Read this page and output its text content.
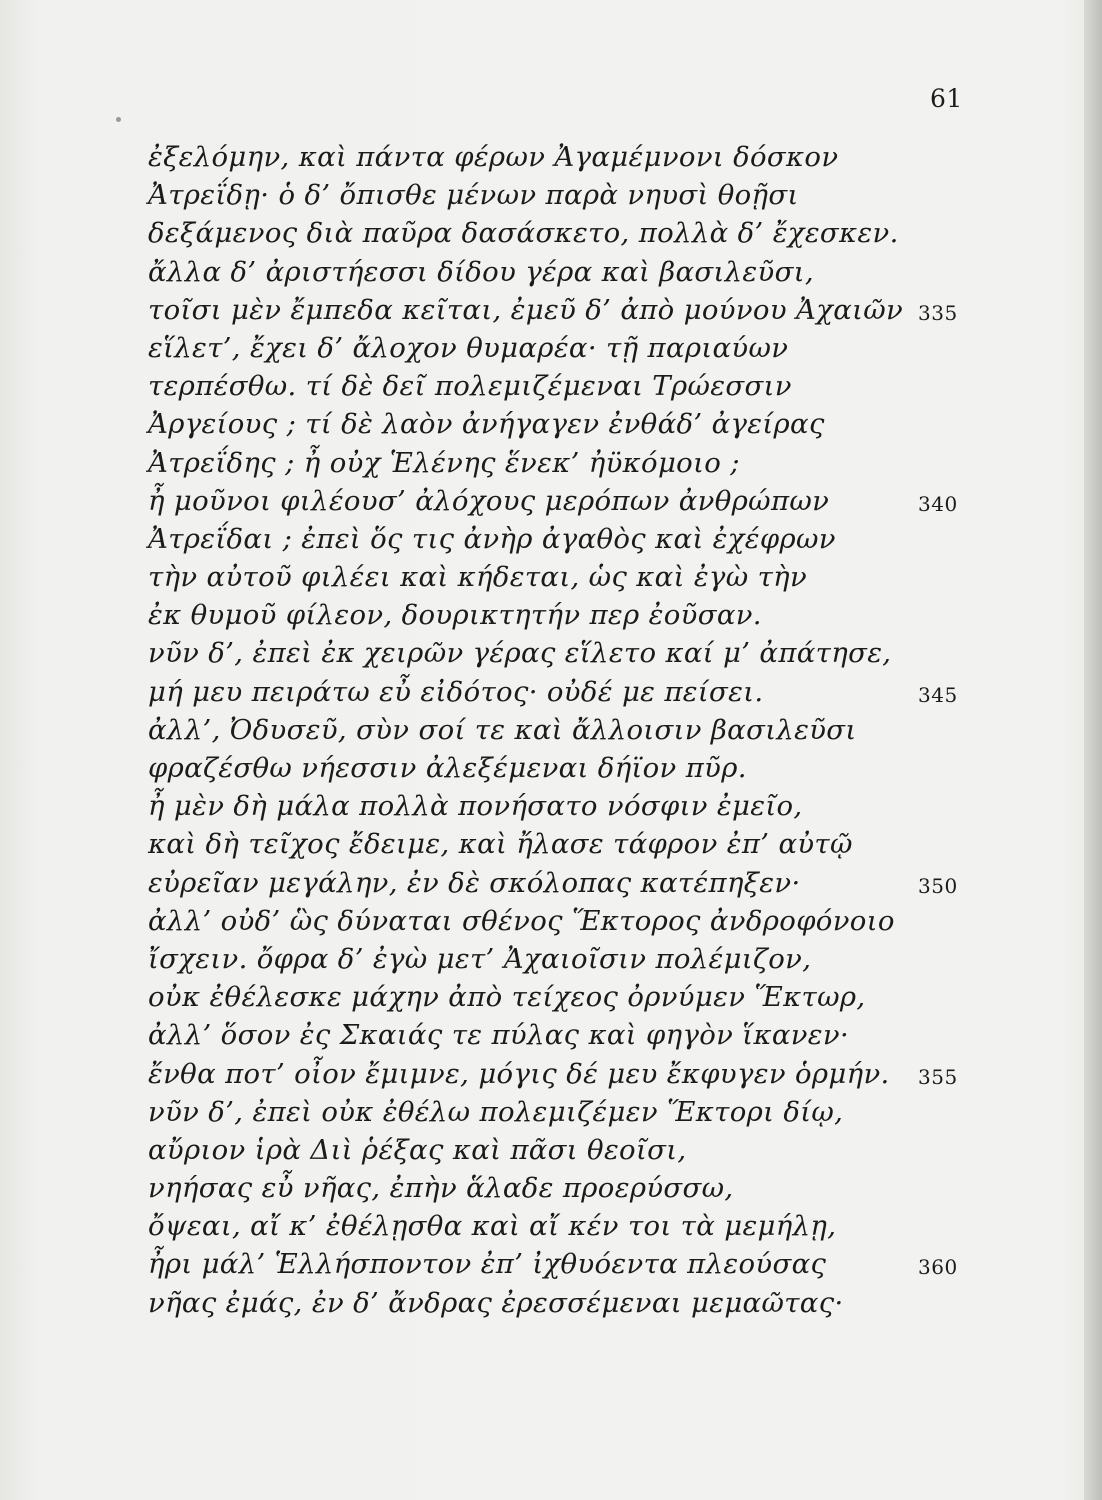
61
ἐξελόμην, καὶ πάντα φέρων Ἀγαμέμνονι δόσκον
Ἀτρεΐδῃ· ὁ δ’ ὄπισθε μένων παρὰ νηυσὶ θοῇσι
δεξάμενος διὰ παῦρα δασάσκετο, πολλὰ δ’ ἔχεσκεν.
ἄλλα δ’ ἀριστήεσσι δίδου γέρα καὶ βασιλεῦσι,
τοῖσι μὲν ἔμπεδα κεῖται, ἐμεῦ δ’ ἀπὸ μούνου Ἀχαιῶν 335
εἵλετ’, ἔχει δ’ ἄλοχον θυμαρέα· τῇ παριαύων
τερπέσθω. τί δὲ δεῖ πολεμιζέμεναι Τρώεσσιν
Ἀργείους ; τί δὲ λαὸν ἀνήγαγεν ἐνθάδ’ ἀγείρας
Ἀτρεΐδης ; ἦ οὐχ Ἑλένης ἕνεκ’ ἠϋκόμοιο ;
ἦ μοῦνοι φιλέουσ’ ἀλόχους μερόπων ἀνθρώπων	340
Ἀτρεΐδαι ; ἐπεὶ ὅς τις ἀνὴρ ἀγαθὸς καὶ ἐχέφρων
τὴν αὐτοῦ φιλέει καὶ κήδεται, ὡς καὶ ἐγὼ τὴν
ἐκ θυμοῦ φίλεον, δουρικτητήν περ ἐοῦσαν.
νῦν δ’, ἐπεὶ ἐκ χειρῶν γέρας εἵλετο καί μ’ ἀπάτησε,
μή μευ πειράτω εὖ εἰδότος· οὐδέ με πείσει.	345
ἀλλ’, Ὀδυσεῦ, σὺν σοί τε καὶ ἄλλοισιν βασιλεῦσι
φραζέσθω νήεσσιν ἀλεξέμεναι δήϊον πῦρ.
ἦ μὲν δὴ μάλα πολλὰ πονήσατο νόσφιν ἐμεῖο,
καὶ δὴ τεῖχος ἔδειμε, καὶ ἤλασε τάφρον ἐπ’ αὐτῷ
εὐρεῖαν μεγάλην, ἐν δὲ σκόλοπας κατέπηξεν·	350
ἀλλ’ οὐδ’ ὣς δύναται σθένος Ἕκτορος ἀνδροφόνοιο
ἴσχειν. ὄφρα δ’ ἐγὼ μετ’ Ἀχαιοῖσιν πολέμιζον,
οὐκ ἐθέλεσκε μάχην ἀπὸ τείχεος ὀρνύμεν Ἕκτωρ,
ἀλλ’ ὅσον ἐς Σκαιάς τε πύλας καὶ φηγὸν ἵκανεν·
ἔνθα ποτ’ οἶον ἔμιμνε, μόγις δέ μευ ἔκφυγεν ὁρμήν. 355
νῦν δ’, ἐπεὶ οὐκ ἐθέλω πολεμιζέμεν Ἕκτορι δίῳ,
αὔριον ἱρὰ Διὶ ῥέξας καὶ πᾶσι θεοῖσι,
νηήσας εὖ νῆας, ἐπὴν ἅλαδε προερύσσω,
ὄψεαι, αἴ κ’ ἐθέλῃσθα καὶ αἴ κέν τοι τὰ μεμήλῃ,
ἦρι μάλ’ Ἑλλήσποντον ἐπ’ ἰχθυόεντα πλεούσας	360
νῆας ἐμάς, ἐν δ’ ἄνδρας ἐρεσσέμεναι μεμαῶτας·
